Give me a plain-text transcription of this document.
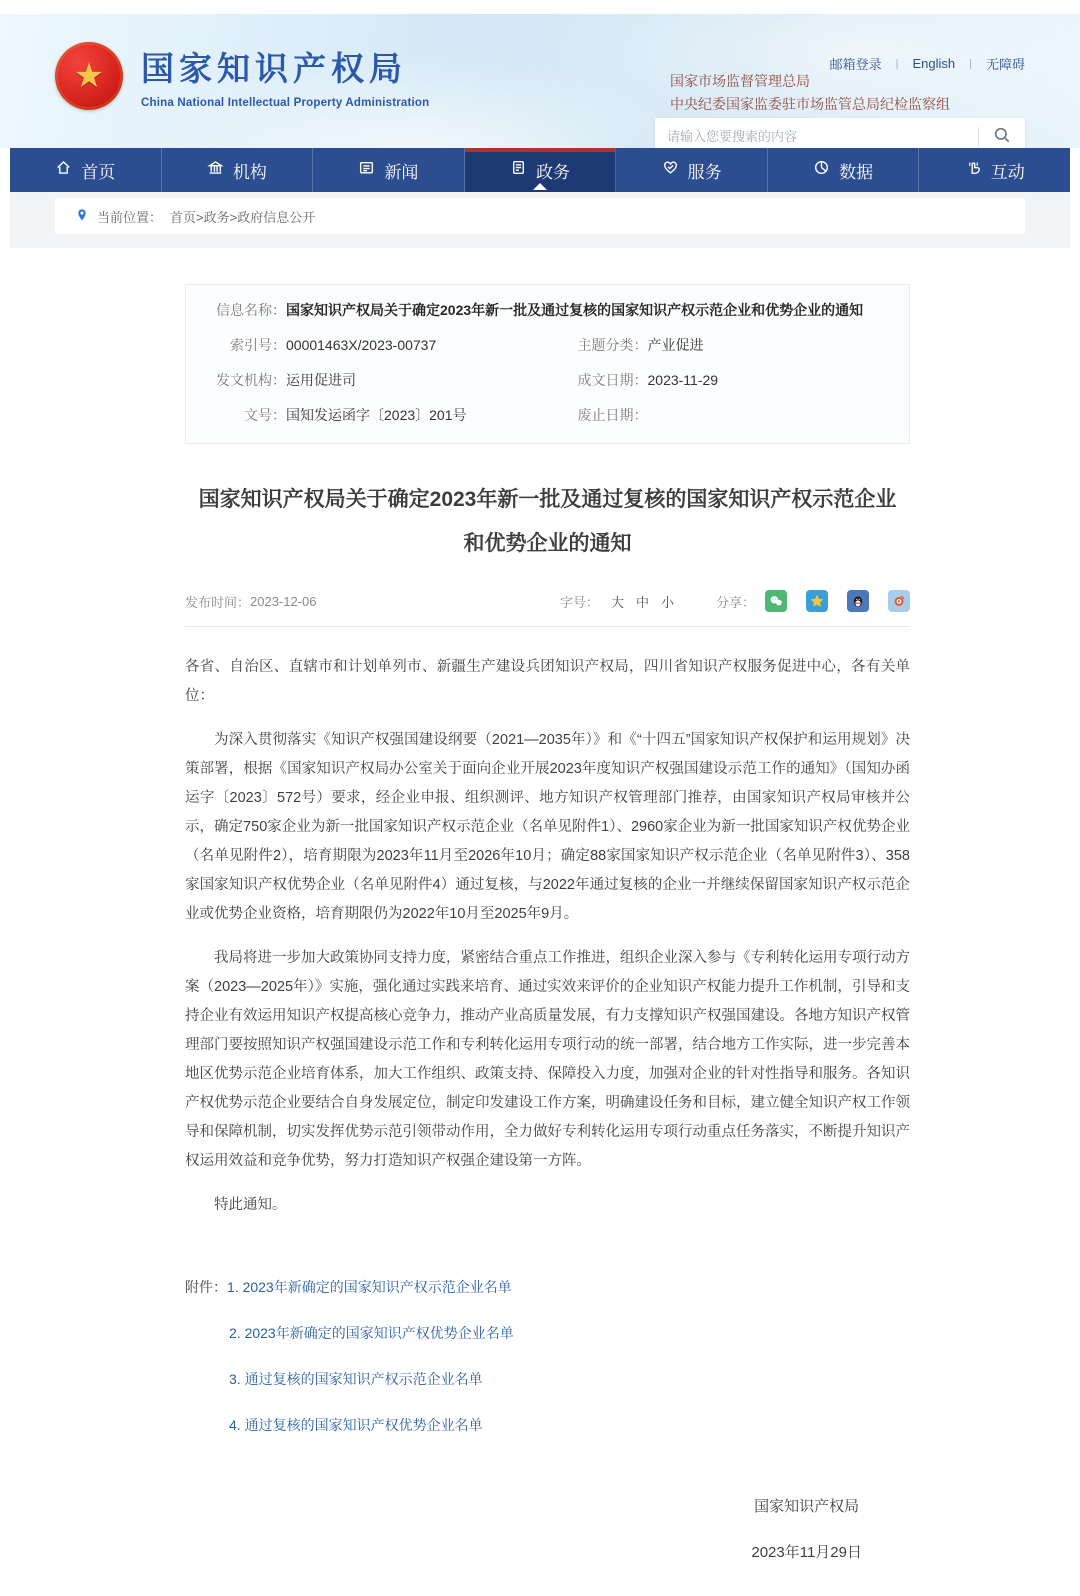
★ 国家知识产权局
China National Intellectual Property Administration
邮箱登录 | English | 无障碍
国家市场监督管理总局
中央纪委国家监委驻市场监管总局纪检监察组
请输入您要搜索的内容
首页	机构	新闻	政务	服务	数据	互动
当前位置： 首页>政务>政府信息公开
信息名称： 国家知识产权局关于确定2023年新一批及通过复核的国家知识产权示范企业和优势企业的通知
索引号： 00001463X/2023-00737	主题分类： 产业促进
发文机构： 运用促进司	成文日期： 2023-11-29
文号： 国知发运函字〔2023〕201号	废止日期：
国家知识产权局关于确定2023年新一批及通过复核的国家知识产权示范企业
和优势企业的通知
发布时间： 2023-12-06	字号： 大 中 小	分享：

各省、自治区、直辖市和计划单列市、新疆生产建设兵团知识产权局，四川省知识产权服务促进中心，各有关单位：

为深入贯彻落实《知识产权强国建设纲要（2021—2035年）》和《“十四五”国家知识产权保护和运用规划》决策部署，根据《国家知识产权局办公室关于面向企业开展2023年度知识产权强国建设示范工作的通知》（国知办函运字〔2023〕572号）要求，经企业申报、组织测评、地方知识产权管理部门推荐，由国家知识产权局审核并公示，确定750家企业为新一批国家知识产权示范企业（名单见附件1）、2960家企业为新一批国家知识产权优势企业（名单见附件2），培育期限为2023年11月至2026年10月；确定88家国家知识产权示范企业（名单见附件3）、358家国家知识产权优势企业（名单见附件4）通过复核，与2022年通过复核的企业一并继续保留国家知识产权示范企业或优势企业资格，培育期限仍为2022年10月至2025年9月。

我局将进一步加大政策协同支持力度，紧密结合重点工作推进，组织企业深入参与《专利转化运用专项行动方案（2023—2025年）》实施，强化通过实践来培育、通过实效来评价的企业知识产权能力提升工作机制，引导和支持企业有效运用知识产权提高核心竞争力，推动产业高质量发展，有力支撑知识产权强国建设。各地方知识产权管理部门要按照知识产权强国建设示范工作和专利转化运用专项行动的统一部署，结合地方工作实际，进一步完善本地区优势示范企业培育体系，加大工作组织、政策支持、保障投入力度，加强对企业的针对性指导和服务。各知识产权优势示范企业要结合自身发展定位，制定印发建设工作方案，明确建设任务和目标，建立健全知识产权工作领导和保障机制，切实发挥优势示范引领带动作用，全力做好专利转化运用专项行动重点任务落实，不断提升知识产权运用效益和竞争优势，努力打造知识产权强企建设第一方阵。

特此通知。

附件： 1. 2023年新确定的国家知识产权示范企业名单
2. 2023年新确定的国家知识产权优势企业名单
3. 通过复核的国家知识产权示范企业名单
4. 通过复核的国家知识产权优势企业名单
国家知识产权局
2023年11月29日
